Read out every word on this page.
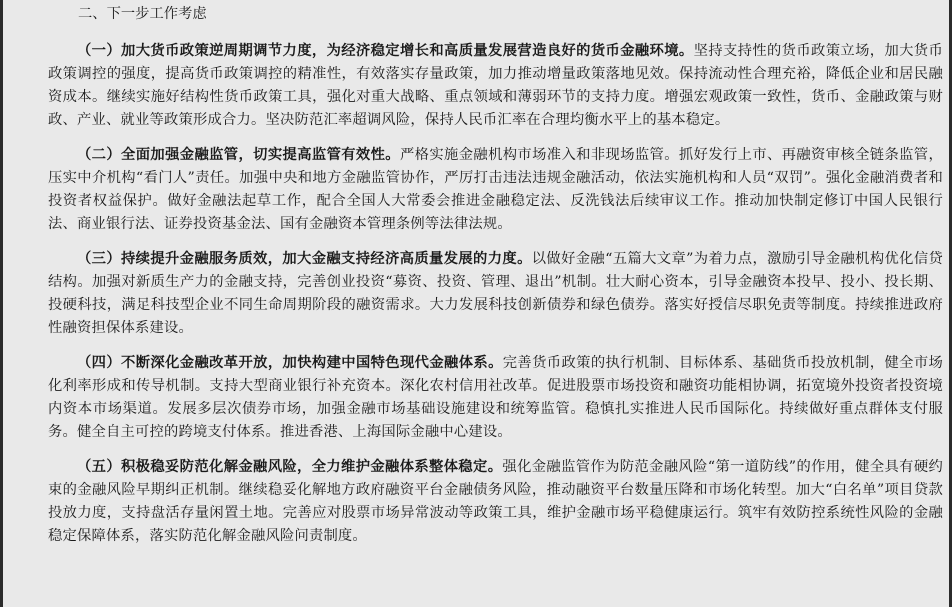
二、下一步工作考虑

（一）加大货币政策逆周期调节力度，为经济稳定增长和高质量发展营造良好的货币金融环境。坚持支持性的货币政策立场，加大货币政策调控的强度，提高货币政策调控的精准性，有效落实存量政策，加力推动增量政策落地见效。保持流动性合理充裕，降低企业和居民融资成本。继续实施好结构性货币政策工具，强化对重大战略、重点领域和薄弱环节的支持力度。增强宏观政策一致性，货币、金融政策与财政、产业、就业等政策形成合力。坚决防范汇率超调风险，保持人民币汇率在合理均衡水平上的基本稳定。

（二）全面加强金融监管，切实提高监管有效性。严格实施金融机构市场准入和非现场监管。抓好发行上市、再融资审核全链条监管，压实中介机构“看门人”责任。加强中央和地方金融监管协作，严厉打击违法违规金融活动，依法实施机构和人员“双罚”。强化金融消费者和投资者权益保护。做好金融法起草工作，配合全国人大常委会推进金融稳定法、反洗钱法后续审议工作。推动加快制定修订中国人民银行法、商业银行法、证券投资基金法、国有金融资本管理条例等法律法规。

（三）持续提升金融服务质效，加大金融支持经济高质量发展的力度。以做好金融“五篇大文章”为着力点，激励引导金融机构优化信贷结构。加强对新质生产力的金融支持，完善创业投资“募资、投资、管理、退出”机制。壮大耐心资本，引导金融资本投早、投小、投长期、投硬科技，满足科技型企业不同生命周期阶段的融资需求。大力发展科技创新债券和绿色债券。落实好授信尽职免责等制度。持续推进政府性融资担保体系建设。

（四）不断深化金融改革开放，加快构建中国特色现代金融体系。完善货币政策的执行机制、目标体系、基础货币投放机制，健全市场化利率形成和传导机制。支持大型商业银行补充资本。深化农村信用社改革。促进股票市场投资和融资功能相协调，拓宽境外投资者投资境内资本市场渠道。发展多层次债券市场，加强金融市场基础设施建设和统筹监管。稳慎扎实推进人民币国际化。持续做好重点群体支付服务。健全自主可控的跨境支付体系。推进香港、上海国际金融中心建设。

（五）积极稳妥防范化解金融风险，全力维护金融体系整体稳定。强化金融监管作为防范金融风险“第一道防线”的作用，健全具有硬约束的金融风险早期纠正机制。继续稳妥化解地方政府融资平台金融债务风险，推动融资平台数量压降和市场化转型。加大“白名单”项目贷款投放力度，支持盘活存量闲置土地。完善应对股票市场异常波动等政策工具，维护金融市场平稳健康运行。筑牢有效防控系统性风险的金融稳定保障体系，落实防范化解金融风险问责制度。
